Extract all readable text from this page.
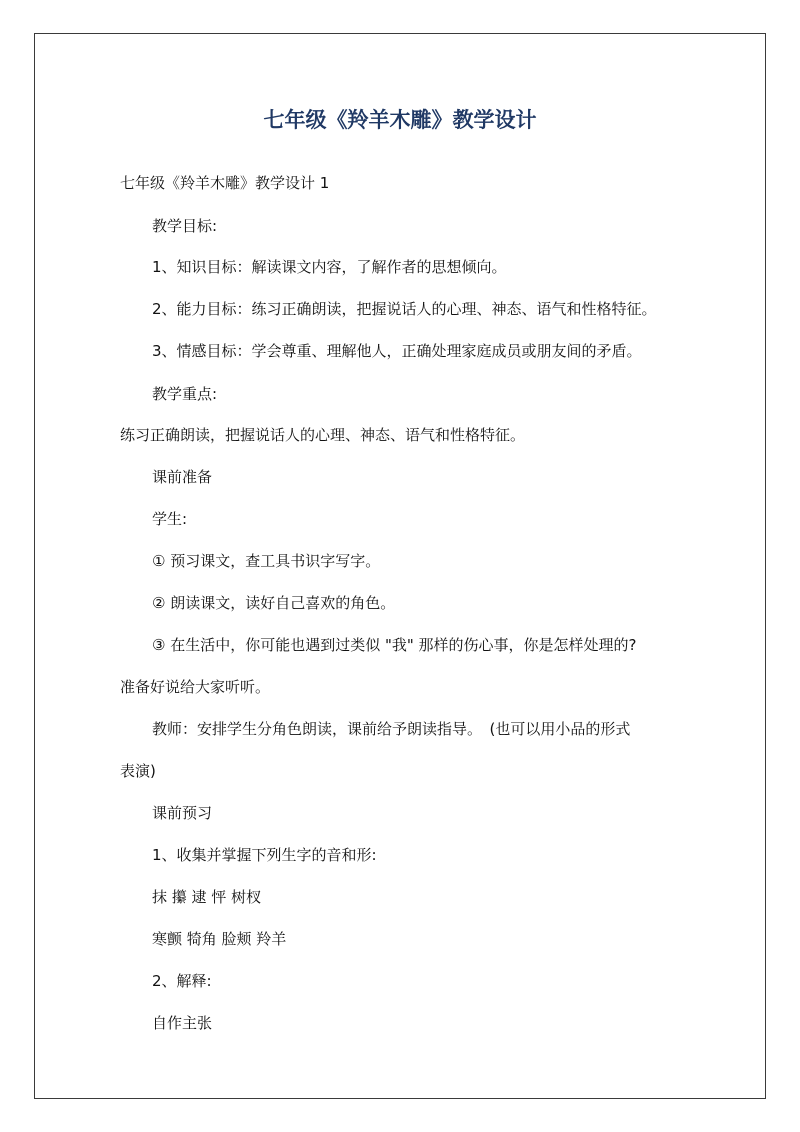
七年级《羚羊木雕》教学设计

七年级《羚羊木雕》教学设计 1

教学目标:

1、知识目标：解读课文内容，了解作者的思想倾向。

2、能力目标：练习正确朗读，把握说话人的心理、神态、语气和性格特征。

3、情感目标：学会尊重、理解他人，正确处理家庭成员或朋友间的矛盾。

教学重点:

练习正确朗读，把握说话人的心理、神态、语气和性格特征。

课前准备

学生:

① 预习课文，查工具书识字写字。

② 朗读课文，读好自己喜欢的角色。

③ 在生活中，你可能也遇到过类似 "我" 那样的伤心事，你是怎样处理的?

准备好说给大家听听。

教师：安排学生分角色朗读，课前给予朗读指导。　(也可以用小品的形式

表演)

课前预习

1、收集并掌握下列生字的音和形:

抹 攥 逮 怦 树杈

寒颤 犄角 脸颊 羚羊

2、解释:

自作主张
